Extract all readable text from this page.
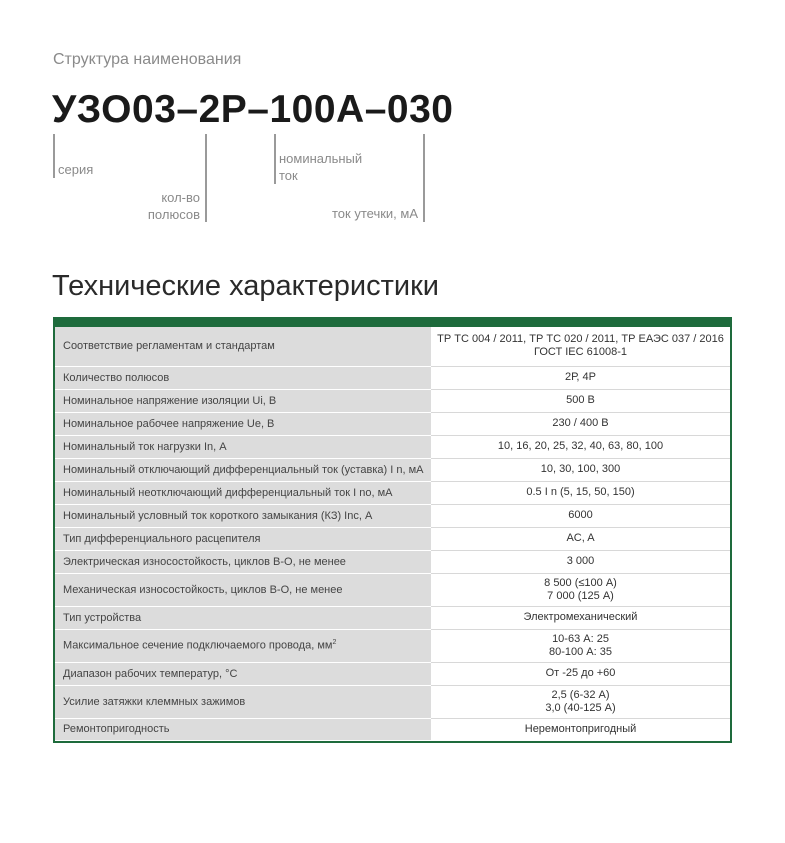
Структура наименования
УЗО03–2Р–100А–030
серия
кол-во
полюсов
номинальный
ток
ток утечки, мА
Технические характеристики
Соответствие регламентам и стандартам	ТР ТС 004 / 2011, ТР ТС 020 / 2011, ТР ЕАЭС 037 / 2016
ГОСТ IEC 61008-1

Количество полюсов	2Р, 4Р

Номинальное напряжение изоляции Ui, В	500 В

Номинальное рабочее напряжение Ue, В	230 / 400 В

Номинальный ток нагрузки In, А	10, 16, 20, 25, 32, 40, 63, 80, 100

Номинальный отключающий дифференциальный ток (уставка) I n, мА	10, 30, 100, 300

Номинальный неотключающий дифференциальный ток I no, мА	0.5 I n (5, 15, 50, 150)

Номинальный условный ток короткого замыкания (КЗ) Inc, А	6000

Тип дифференциального расцепителя	AC, A

Электрическая износостойкость, циклов В-О, не менее	3 000

Механическая износостойкость, циклов В-О, не менее	8 500 (≤100 А)
7 000 (125 А)

Тип устройства	Электромеханический

Максимальное сечение подключаемого провода, $мм^2$	10-63 А: 25
80-100 А: 35

Диапазон рабочих температур, °С	От -25 до +60

Усилие затяжки клеммных зажимов	2,5 (6-32 А)
3,0 (40-125 А)

Ремонтопригодность	Неремонтопригодный
